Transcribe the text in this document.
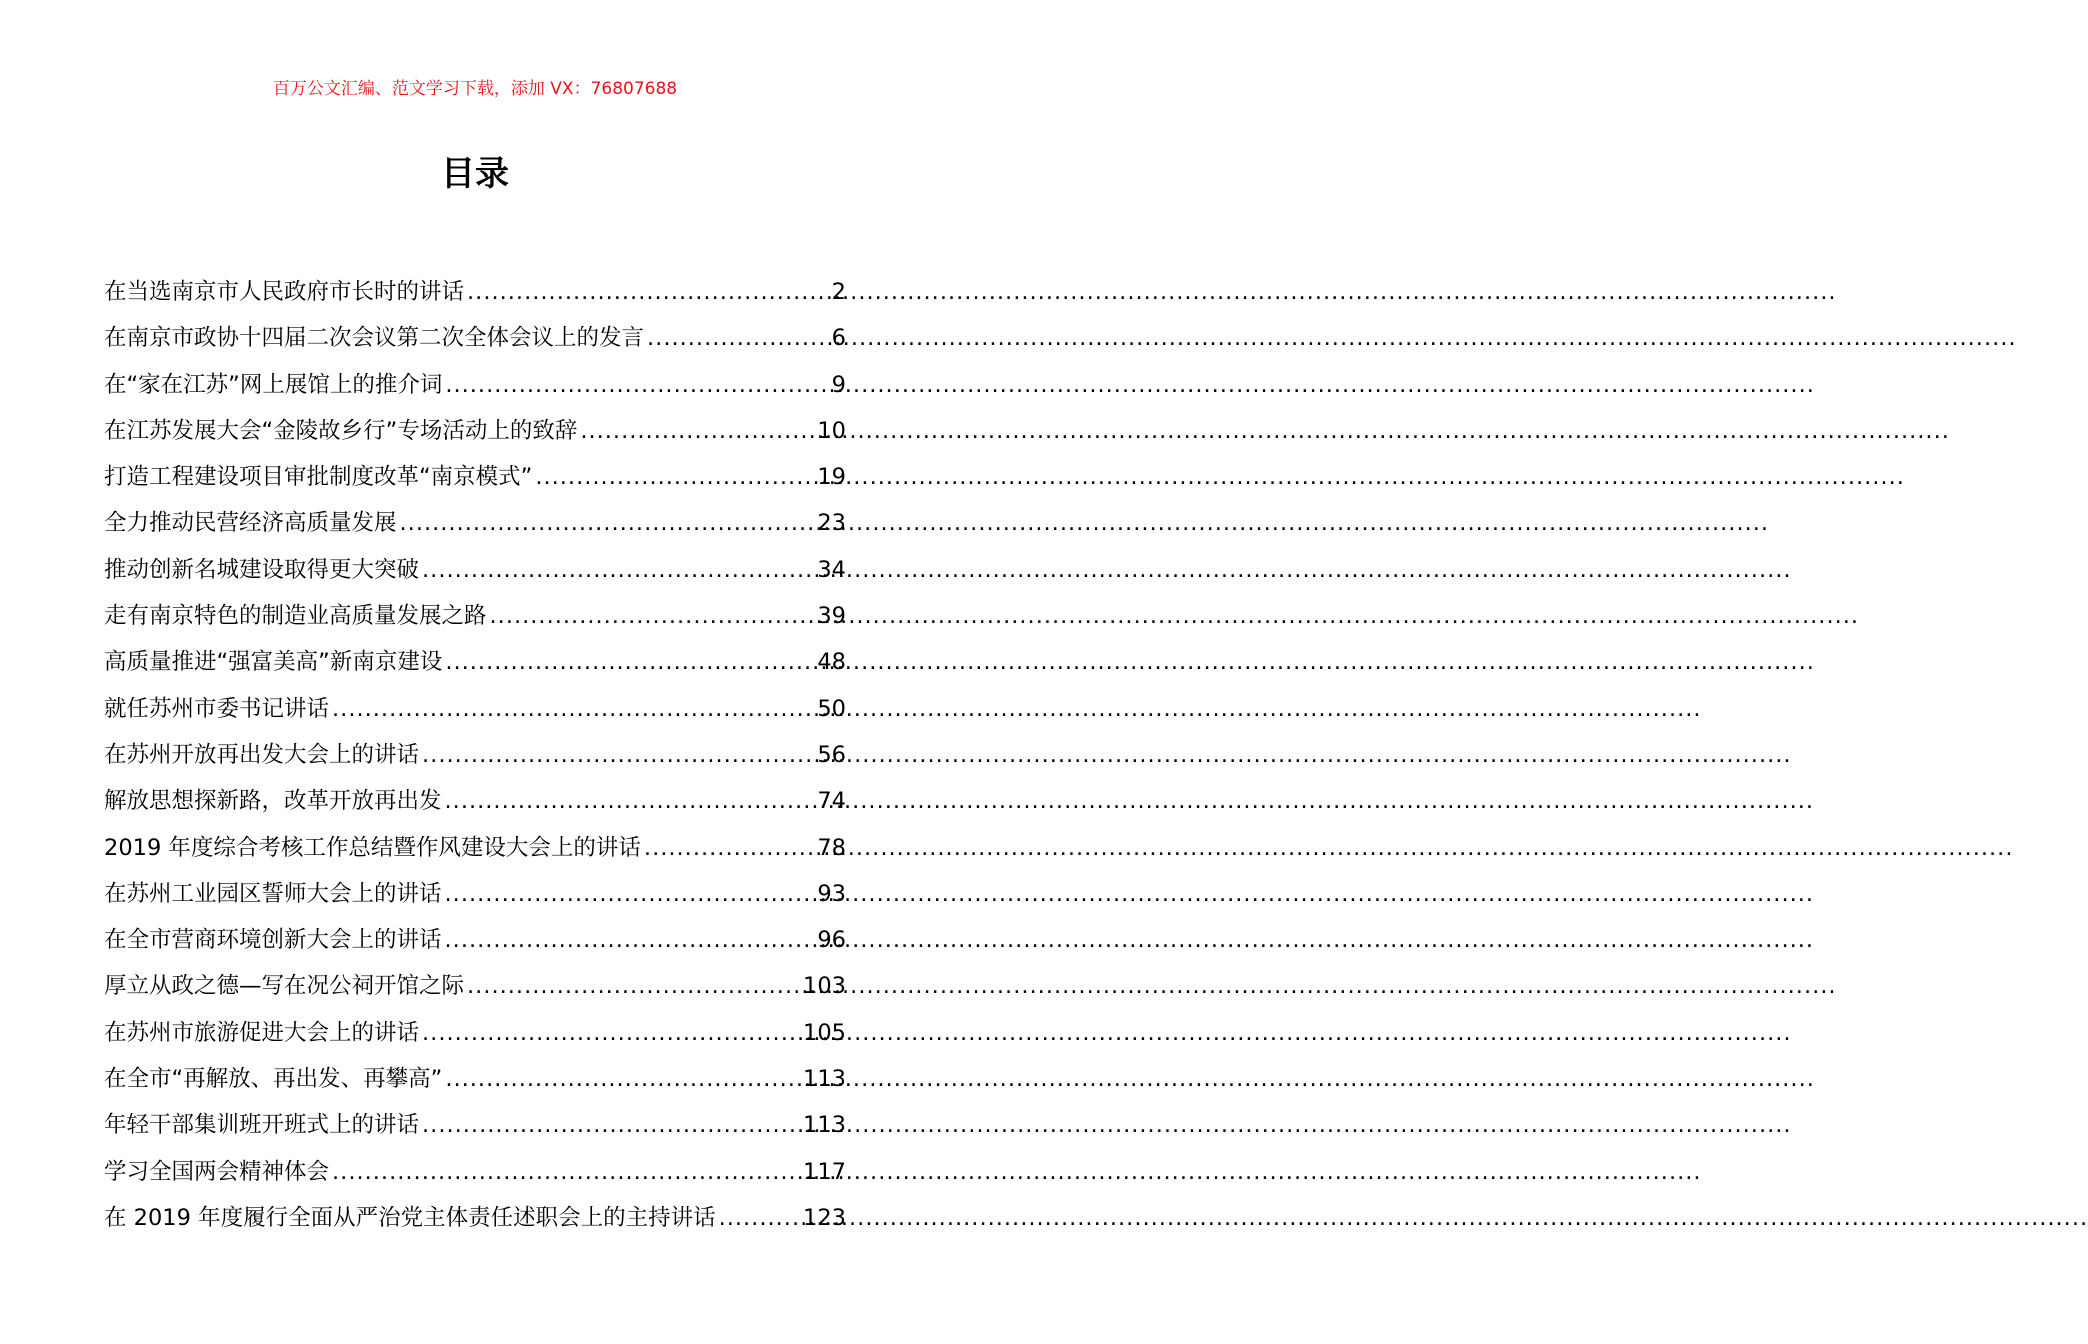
百万公文汇编、范文学习下载，添加 VX：76807688
目录
在当选南京市人民政府市长时的讲话 .....	2
在南京市政协十四届二次会议第二次全体会议上的发言 .....	6
在“家在江苏”网上展馆上的推介词 .....	9
在江苏发展大会“金陵故乡行”专场活动上的致辞 .....	10
打造工程建设项目审批制度改革“南京模式” .....	19
全力推动民营经济高质量发展 .....	23
推动创新名城建设取得更大突破 .....	34
走有南京特色的制造业高质量发展之路 .....	39
高质量推进“强富美高”新南京建设 .....	48
就任苏州市委书记讲话 .....	50
在苏州开放再出发大会上的讲话 .....	56
解放思想探新路，改革开放再出发 .....	74
2019 年度综合考核工作总结暨作风建设大会上的讲话 .....	78
在苏州工业园区誓师大会上的讲话 .....	93
在全市营商环境创新大会上的讲话 .....	96
厚立从政之德—写在况公祠开馆之际 .....	103
在苏州市旅游促进大会上的讲话 .....	105
在全市“再解放、再出发、再攀高” .....	113
年轻干部集训班开班式上的讲话 .....	113
学习全国两会精神体会 .....	117
在 2019 年度履行全面从严治党主体责任述职会上的主持讲话 .....	123
